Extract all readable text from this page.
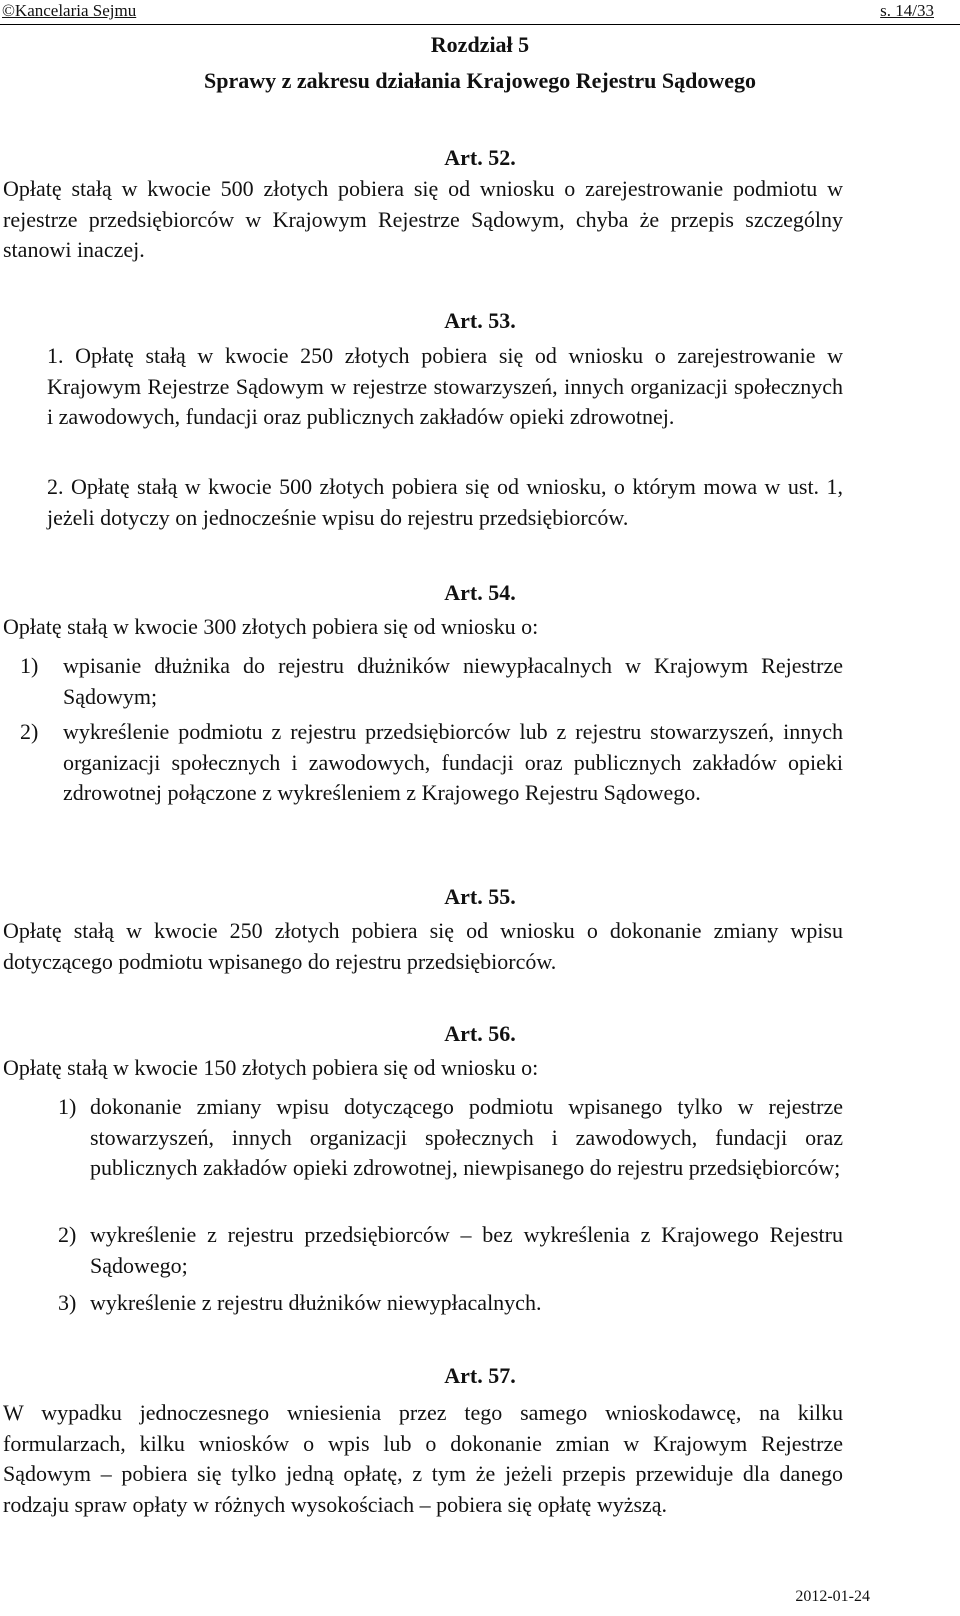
©Kancelaria Sejmu	s. 14/33
Rozdział 5
Sprawy z zakresu działania Krajowego Rejestru Sądowego
Art. 52.
Opłatę stałą w kwocie 500 złotych pobiera się od wniosku o zarejestrowanie podmiotu w rejestrze przedsiębiorców w Krajowym Rejestrze Sądowym, chyba że przepis szczególny stanowi inaczej.
Art. 53.
1. Opłatę stałą w kwocie 250 złotych pobiera się od wniosku o zarejestrowanie w Krajowym Rejestrze Sądowym w rejestrze stowarzyszeń, innych organizacji społecznych i zawodowych, fundacji oraz publicznych zakładów opieki zdrowotnej.
2. Opłatę stałą w kwocie 500 złotych pobiera się od wniosku, o którym mowa w ust. 1, jeżeli dotyczy on jednocześnie wpisu do rejestru przedsiębiorców.
Art. 54.
Opłatę stałą w kwocie 300 złotych pobiera się od wniosku o:
1)	wpisanie dłużnika do rejestru dłużników niewypłacalnych w Krajowym Rejestrze Sądowym;
2)	wykreślenie podmiotu z rejestru przedsiębiorców lub z rejestru stowarzyszeń, innych organizacji społecznych i zawodowych, fundacji oraz publicznych zakładów opieki zdrowotnej połączone z wykreśleniem z Krajowego Rejestru Sądowego.
Art. 55.
Opłatę stałą w kwocie 250 złotych pobiera się od wniosku o dokonanie zmiany wpisu dotyczącego podmiotu wpisanego do rejestru przedsiębiorców.
Art. 56.
Opłatę stałą w kwocie 150 złotych pobiera się od wniosku o:
1) dokonanie zmiany wpisu dotyczącego podmiotu wpisanego tylko w rejestrze stowarzyszeń, innych organizacji społecznych i zawodowych, fundacji oraz publicznych zakładów opieki zdrowotnej, niewpisanego do rejestru przedsiębiorców;
2) wykreślenie z rejestru przedsiębiorców – bez wykreślenia z Krajowego Rejestru Sądowego;
3) wykreślenie z rejestru dłużników niewypłacalnych.
Art. 57.
W wypadku jednoczesnego wniesienia przez tego samego wnioskodawcę, na kilku formularzach, kilku wniosków o wpis lub o dokonanie zmian w Krajowym Rejestrze Sądowym – pobiera się tylko jedną opłatę, z tym że jeżeli przepis przewiduje dla danego rodzaju spraw opłaty w różnych wysokościach – pobiera się opłatę wyższą.
2012-01-24
